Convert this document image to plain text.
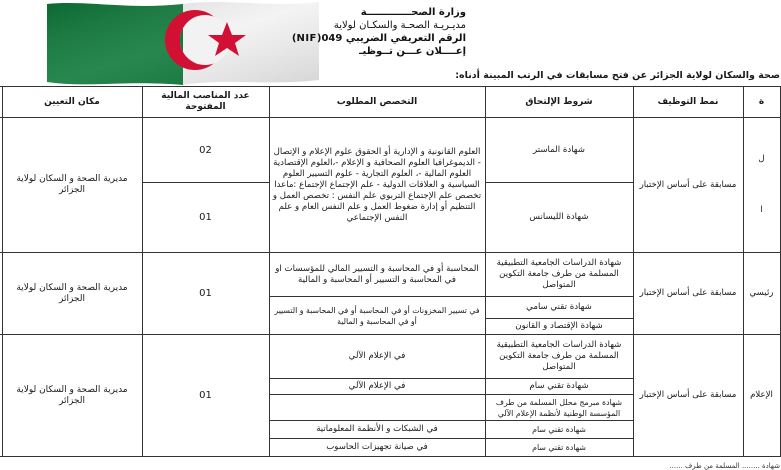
وزارة الصحـــــــــــــة
مديـريـة الصحـة والسكـان لولاية
الرقم التعريفي الضريبي 049(NIF)
إعــــلان عـــن تــوظيـ
صحة والسكان لولاية الجزائر عن فتح مسابقات في الرتب المبينة أدناه:
ة	نمط التوظيف	شروط الإلتحاق	التخصص المطلوب	عدد المناصب المالية المفتوحة	مكان التعيين	

ل
ا	مسابقة على أساس الإختبار	شهادة الماستر	العلوم القانونية و الإدارية أو الحقوق علوم الإعلام و الإتصال - الديموغرافيا العلوم الصحافية و الإعلام -،العلوم الإقتصادية العلوم المالية -، العلوم التجارية - علوم التسيير العلوم السياسية و العلاقات الدولية - علم الإجتماع الإجتماع :ماعدا تخصص علم الإجتماع التربوي علم النفس : تخصص العمل و التنظيم أو إدارة ضغوط العمل و علم النفس العام و علم النفس الإجتماعي	02	مديرية الصحة و السكان لولاية الجزائر	
		شهادة الليسانس		01		
رئيسي	مسابقة على أساس الإختبار	شهادة الدراسات الجامعية التطبيقية المسلمة من طرف جامعة التكوين المتواصل	المحاسبة أو في المحاسبة و التسيير المالي للمؤسسات او في المحاسبة و التسيير أو المحاسبة و المالية	01	مديرية الصحة و السكان لولاية الجزائر	
		شهادة تقني سامي	في تسيير المخزونات أو في المحاسبة أو في المحاسبة و التسيير أو في المحاسبة و المالية			
		شهادة الإقتصاد و القانون				
الإعلام	مسابقة على أساس الإختبار	شهادة الدراسات الجامعية التطبيقية المسلمة من طرف جامعة التكوين المتواصل	في الإعلام الآلي	01	مديرية الصحة و السكان لولاية الجزائر	
		شهادة تقني سام	في الإعلام الآلي			
		شهادة مبرمج محلل المسلمة من طرف المؤسسة الوطنية لأنظمة الإعلام الآلي				
		شهادة تقني سام	في الشبكات و الأنظمة المعلوماتية			
		شهادة تقني سام	في صيانة تجهيزات الحاسوب			
شهادة ........ المسلمة من طرف ......
